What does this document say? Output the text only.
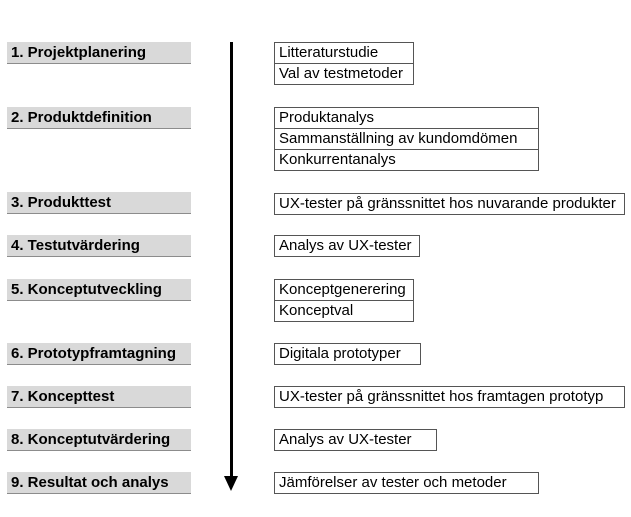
1. Projektplanering
2. Produktdefinition
3. Produkttest
4. Testutvärdering
5. Konceptutveckling
6. Prototypframtagning
7. Koncepttest
8. Konceptutvärdering
9. Resultat och analys
Litteraturstudie
Val av testmetoder
Produktanalys
Sammanställning av kundomdömen
Konkurrentanalys
UX-tester på gränssnittet hos nuvarande produkter
Analys av UX-tester
Konceptgenerering
Konceptval
Digitala prototyper
UX-tester på gränssnittet hos framtagen prototyp
Analys av UX-tester
Jämförelser av tester och metoder
